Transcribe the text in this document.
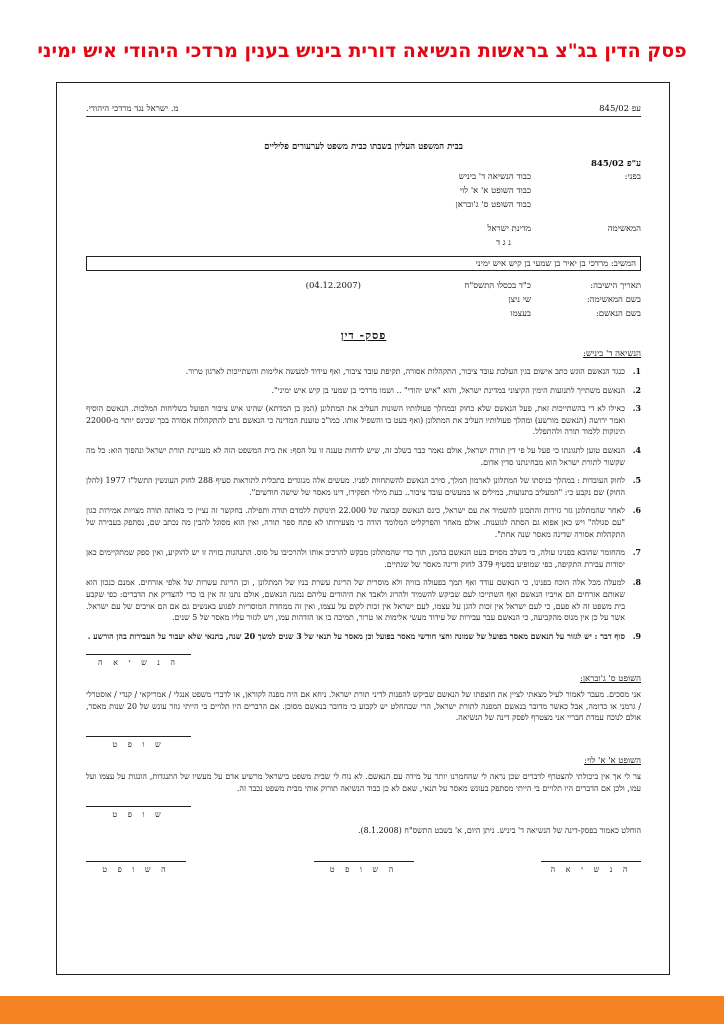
פסק הדין בג"צ בראשות הנשיאה דורית ביניש בענין מרדכי היהודי איש ימיני
עפ 845/02
מ. ישראל נגד מרדכי היהודי.
בבית המשפט העליון בשבתו כבית משפט לערעורים פליליים
ע"פ 845/02
בפני:
כבוד הנשיאה ד' ביניש
כבוד השופט א' א' לוי
כבוד השופט ס' ג'ובראן
המאשימה
מדינת ישראל
נ ג ד
המשיב: מרדכי בן יאיר בן שמעי בן קיש איש ימיני
תאריך הישיבה:
כ"ד בכסלו התשס"ח
(04.12.2007)
בשם המאשימה:
שי ניצן
בשם הנאשם:
בעצמו
פסק- דין
הנשיאה ד' ביניש:
1.
כנגד הנאשם הוגש כתב אישום בגין העלבת עובד ציבור, התקהלות אסורה, תקיפת עובד ציבור, ואף עידוד למעשה אלימות והשתייכות לארגון טרור.
2.
הנאשם משתייך לתנועות הימין הקיצוני במדינת ישראל, והוא "איש יהודי" .. ושמו מרדכי בן שמעי בן קיש איש ימיני".
3.
כאילו לא די בהשתייכות זאת, פעל הנאשם שלא כחוק ובמהלך פעולותיו השונות העליב את המתלונן (המן בן המדתא) שהינו איש ציבור הפועל בשליחות המלכות. הנאשם הוסיף ואמר ירושה (הנאשם מורשע) ומהלך פעולותיו העליב את המתלונן (ואף בעט בו והשפיל אותו. כמו"כ טוענת המדינה כי הנאשם גרם להתקהלות אסורה בכך שכינס יותר מ-22000 תינוקות ללמוד תורה ולהתפלל.
4.
הנאשם טוען לתגונתו כי פעל על פי דין תורת ישראל, אולם נאמר כבר בשלב זה, שיש לדחות טענה זו על הסף: את בית המשפט הזה לא מעניינת תורת ישראל ונהפוך הוא: כל מה שקשור לתורת ישראל הוא מבחינתנו סדין אדום.
5.
לחוק העובדות : במהלך כניסתו של המתלונן לארמון המלך, סירב הנאשם להשתחוות לפניו. מעשים אלה מנוגדים בתכלית לתוראות סעיף 288 לחוק העונשין התשל"ז 1977 (להלן החוק) שם נקבע כי: "המעליב בתנועות, במילים או במעשים עובד ציבור.. בעת מילוי תפקידו, דינו מאסר של שישה חודשים".
6.
לאחר שהמתלונן גזר גזירות והתכונן להשמיד את עם ישראל, כינס הנאשם קבוצה של 22.000 תינוקות ללמדם תורה ותפילה. בחקשר זה נציין כי באותה תורה מצויות אמירות כגון "עם סגולה" ויש כאן אפוא גם הסתה לגזענות. אולם מאחר והפרקליט המלומד הודה כי מצעירותו לא פתח ספר תורה, ואין הוא מסוגל להבין מה נכתב שם, נסתפק בעבירה של התקהלות אסורה שדינה מאסר שנה אחת".
7.
מהחומר שהובא בפנינו עולה, כי בשלב מסוים בעט הנאשם בהמן, תוך כדי שהמתלונן מבקש להרכיב אותו ולהרכיבו על סוס. התנהגות בזויה זו יש להוקיע, ואין ספק שמתקיימים כאן יסודות עבירת התקיפה, כפי שמופיע בסעיף 379 לחוק ודינה מאסר של שנתיים.
8.
למעלה מכל אלה הוכח בפנינו, כי הנאשם עודד ואף תמך בפעולה בזויה ולא מוסרית של הריגת עשרת בניו של המתלונן , וכן הריגת עשרות של אלפי אזרחים. אמנם כנכון הוא שאותם אזרחים הם אויביו הנאשם ואף השתייכו לעם שביקש להשמיד ולהרוג ולאבד את היהודים עליהם נמנה הנאשם, אולם נתנו זה אין בו כדי להצדיק את הדברים: כפי שקבע בית משפט זה לא פעם, כי לעם ישראל אין זכות להגן על עצמו, לעם ישראל אין זכות לקום על עצמו, ואין זה ממחדת המוסריות לפגוע באנשים גם אם הם אויבים של עם ישראל. אשר על כן אין מנוס מהקביעה, כי הנאשם עבר עבירות של עידוד מעשי אלימות או טרור, תמיכה בו או הזדהות עמו, ויש לגזור עליו מאסר של 5 שנים.
9.
סוף דבר : יש לגזור על הנאשם מאסר בפועל של שמונה וחצי חודשי מאסר בפועל וכן מאסר על תנאי של 3 שנים למשך 20 שנה, בתנאי שלא יעבור על העבירות בהן הורשע .
ה נ ש י א ה
השופט ס' ג'ובראן:
אני מסכים. מעבר לאמור לעיל מצאתי לציין את חוצפתו של הנאשם שביקש להפנות לדיני תורת ישראל. ניחא אם היה מפנה לקוראן, או לדברי משפט אנגלי / אמריקאי / קנדי / אוסטרלי / גרמני או כדומה, אבל כאשר מדובר בנאשם המפנה לתורת ישראל, הרי שבהחלט יש לקבוע כי מדובר בנאשם מסוכן. אם הדברים היו תלויים בי הייתי גוזר עונש של 20 שנות מאסר, אולם לנוכח עמדת חבריי אני מצטרף לפסק דינה של הנשיאה.
ש ו פ ט
השופט א' א' לוי:
צר לי אך אין ביכולתי להצטרף לדברים שכן נראה לי שהחמרנו יותר על מידה עם הנאשם. לא נוח לי שבית משפט בישראל מרשיע אדם על מעשיו של התנגדות, הונגות על עצמו ועל עמו, ולכן אם הדברים היו תלויים בי הייתי מסתפק בעונש מאסר על תנאי, שאם לא כן כבוד הנשיאה תורוק אותי מבית משפט נכבד זה.
ש ו פ ט
הוחלט כאמור בפסק-דינה של הנשיאה ד' ביניש. ניתן היום, א' בשבט התשס"ח (8.1.2008).
ה נ ש י א ה
ה ש ו פ ט
ה ש ו פ ט
